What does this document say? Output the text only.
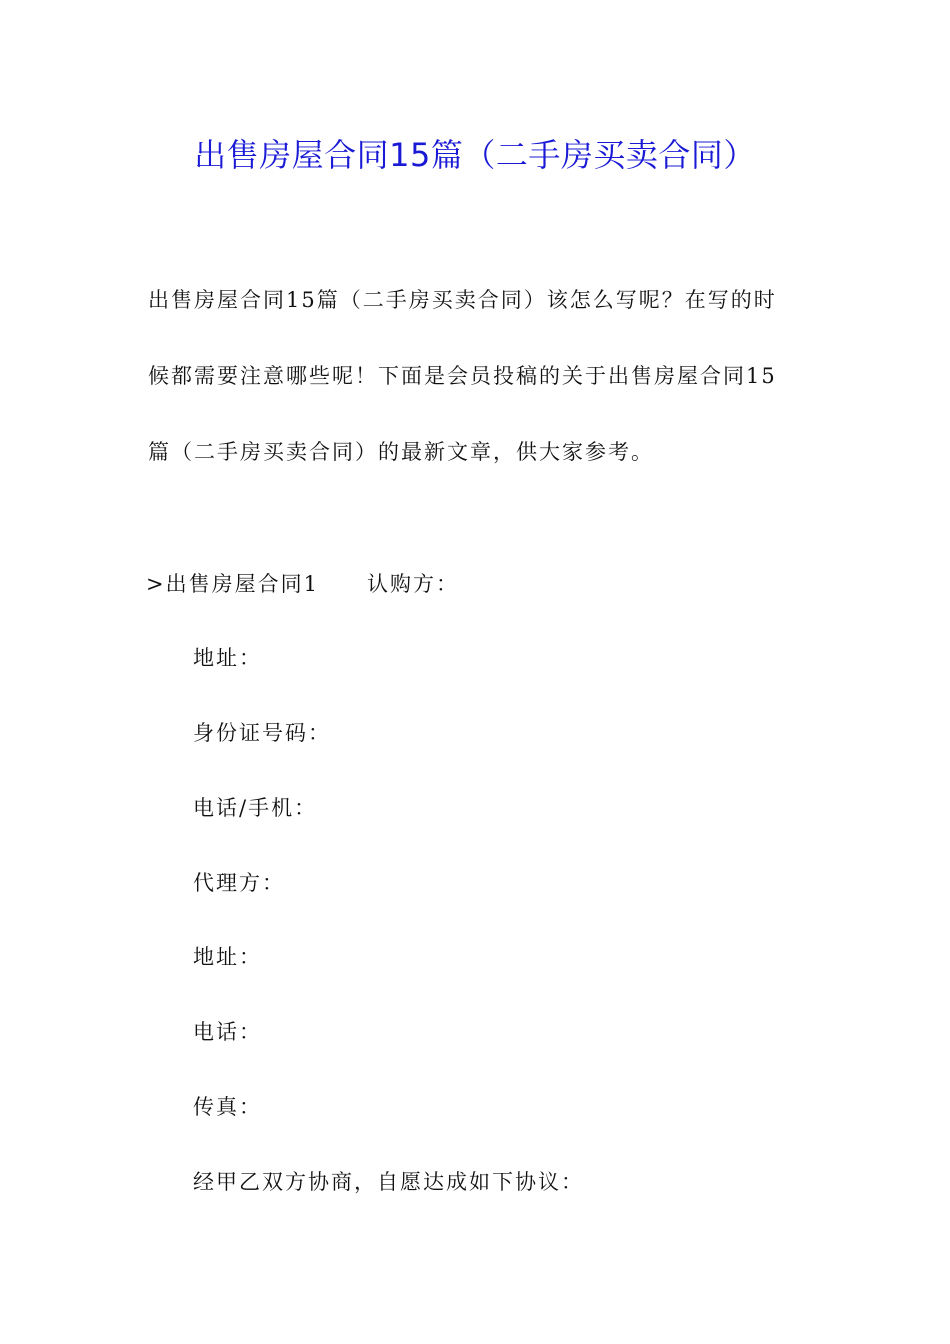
出售房屋合同15篇（二手房买卖合同）
出售房屋合同15篇（二手房买卖合同）该怎么写呢？在写的时
候都需要注意哪些呢！下面是会员投稿的关于出售房屋合同15
篇（二手房买卖合同）的最新文章，供大家参考。
>出售房屋合同1 认购方：
地址：
身份证号码：
电话/手机：
代理方：
地址：
电话：
传真：
经甲乙双方协商，自愿达成如下协议：
